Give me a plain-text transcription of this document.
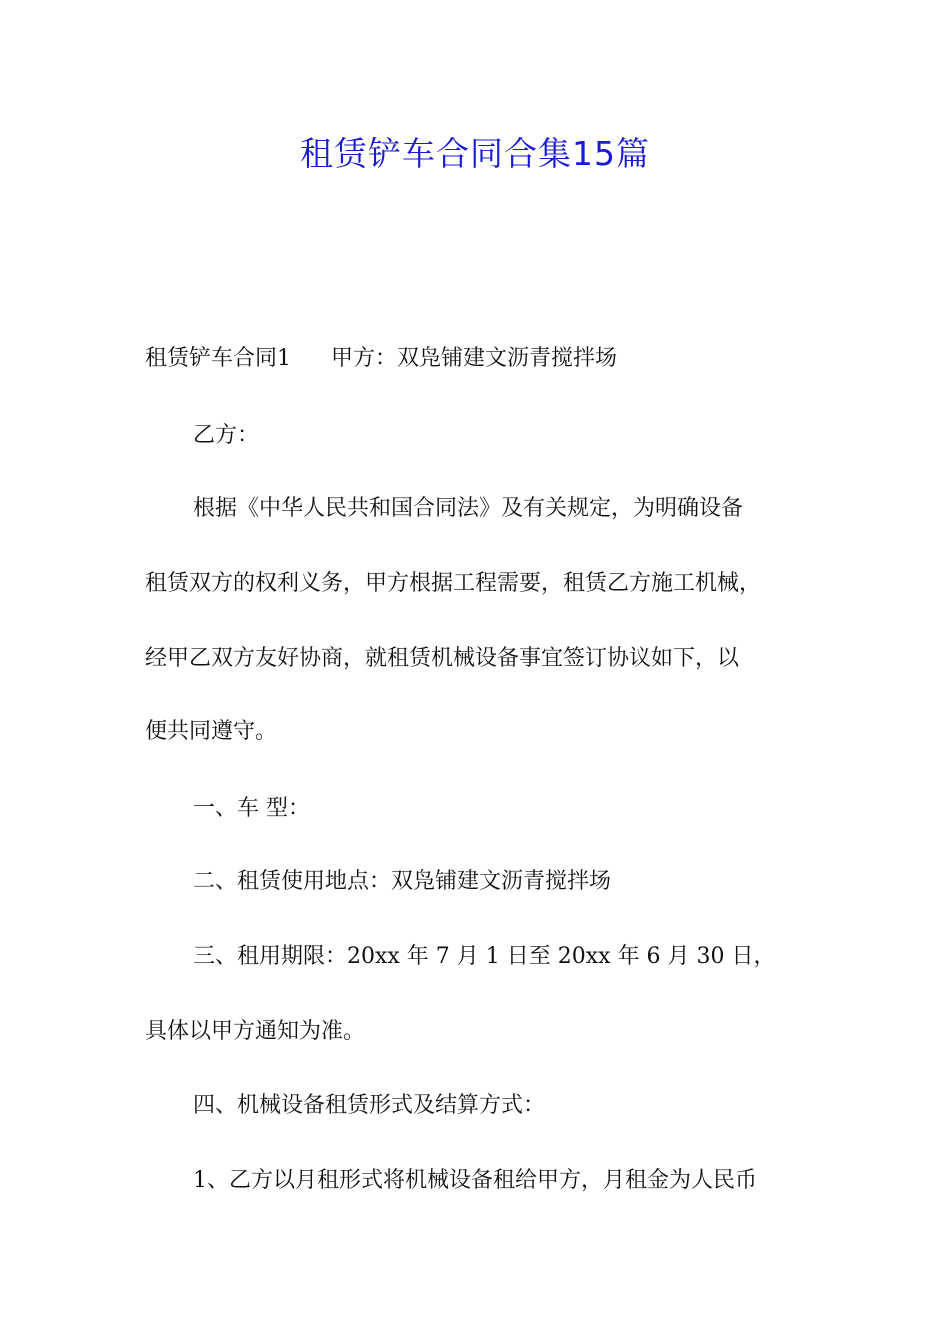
租赁铲车合同合集15篇
租赁铲车合同1 甲方：双凫铺建文沥青搅拌场
乙方：
根据《中华人民共和国合同法》及有关规定，为明确设备
租赁双方的权利义务，甲方根据工程需要，租赁乙方施工机械，
经甲乙双方友好协商，就租赁机械设备事宜签订协议如下，以
便共同遵守。
一、车 型：
二、租赁使用地点：双凫铺建文沥青搅拌场
三、租用期限：20xx 年 7 月 1 日至 20xx 年 6 月 30 日，
具体以甲方通知为准。
四、机械设备租赁形式及结算方式：
1、乙方以月租形式将机械设备租给甲方，月租金为人民币
